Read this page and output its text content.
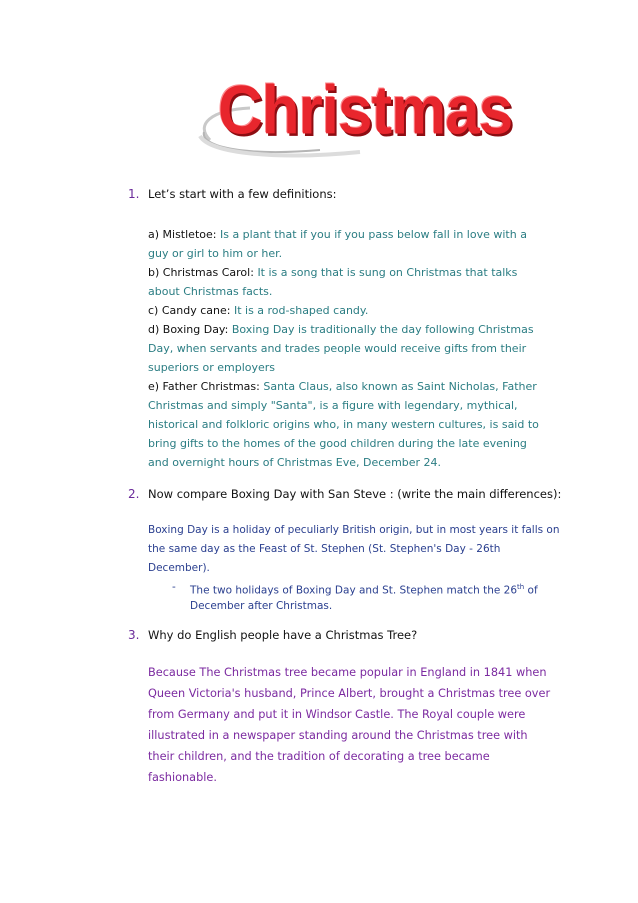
Christmas
1. Let’s start with a few definitions:
a) Mistletoe: Is a plant that if you if you pass below fall in love with a
guy or girl to him or her.
b) Christmas Carol: It is a song that is sung on Christmas that talks
about Christmas facts.
c) Candy cane: It is a rod-shaped candy.
d) Boxing Day: Boxing Day is traditionally the day following Christmas
Day, when servants and trades people would receive gifts from their
superiors or employers
e) Father Christmas: Santa Claus, also known as Saint Nicholas, Father
Christmas and simply "Santa", is a figure with legendary, mythical,
historical and folkloric origins who, in many western cultures, is said to
bring gifts to the homes of the good children during the late evening
and overnight hours of Christmas Eve, December 24.
2. Now compare Boxing Day with San Steve : (write the main differences):
Boxing Day is a holiday of peculiarly British origin, but in most years it falls on
the same day as the Feast of St. Stephen (St. Stephen's Day - 26th
December).
- The two holidays of Boxing Day and St. Stephen match the 26th of
December after Christmas.
3. Why do English people have a Christmas Tree?
Because The Christmas tree became popular in England in 1841 when
Queen Victoria's husband, Prince Albert, brought a Christmas tree over
from Germany and put it in Windsor Castle. The Royal couple were
illustrated in a newspaper standing around the Christmas tree with
their children, and the tradition of decorating a tree became
fashionable.
